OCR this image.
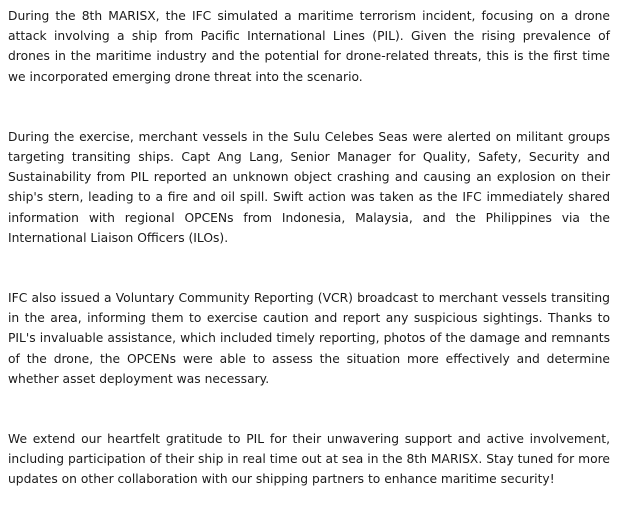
During the 8th MARISX, the IFC simulated a maritime terrorism incident, focusing on a drone attack involving a ship from Pacific International Lines (PIL). Given the rising prevalence of drones in the maritime industry and the potential for drone-related threats, this is the first time we incorporated emerging drone threat into the scenario.

During the exercise, merchant vessels in the Sulu Celebes Seas were alerted on militant groups targeting transiting ships. Capt Ang Lang, Senior Manager for Quality, Safety, Security and Sustainability from PIL reported an unknown object crashing and causing an explosion on their ship's stern, leading to a fire and oil spill. Swift action was taken as the IFC immediately shared information with regional OPCENs from Indonesia, Malaysia, and the Philippines via the International Liaison Officers (ILOs).

IFC also issued a Voluntary Community Reporting (VCR) broadcast to merchant vessels transiting in the area, informing them to exercise caution and report any suspicious sightings. Thanks to PIL's invaluable assistance, which included timely reporting, photos of the damage and remnants of the drone, the OPCENs were able to assess the situation more effectively and determine whether asset deployment was necessary.

We extend our heartfelt gratitude to PIL for their unwavering support and active involvement, including participation of their ship in real time out at sea in the 8th MARISX. Stay tuned for more updates on other collaboration with our shipping partners to enhance maritime security!
